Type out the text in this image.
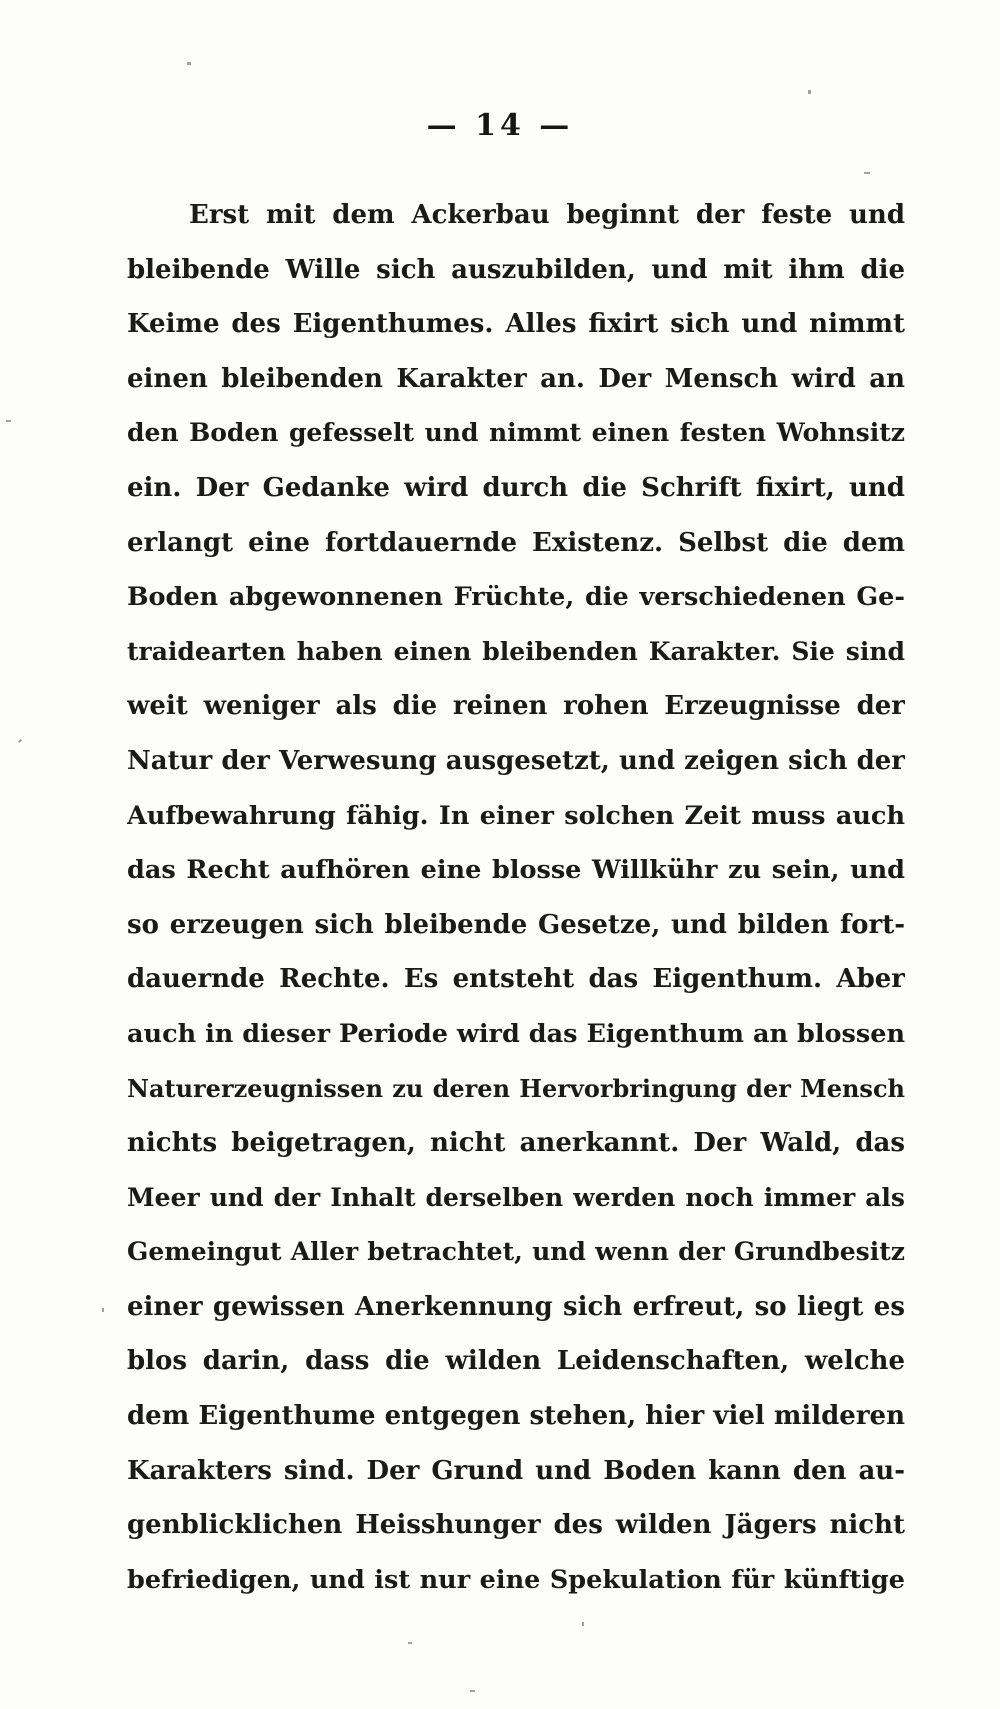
— 14 —
Erst mit dem Ackerbau beginnt der feste und
bleibende Wille sich auszubilden, und mit ihm die
Keime des Eigenthumes. Alles fixirt sich und nimmt
einen bleibenden Karakter an. Der Mensch wird an
den Boden gefesselt und nimmt einen festen Wohnsitz
ein. Der Gedanke wird durch die Schrift fixirt, und
erlangt eine fortdauernde Existenz. Selbst die dem
Boden abgewonnenen Früchte, die verschiedenen Ge-
traidearten haben einen bleibenden Karakter. Sie sind
weit weniger als die reinen rohen Erzeugnisse der
Natur der Verwesung ausgesetzt, und zeigen sich der
Aufbewahrung fähig. In einer solchen Zeit muss auch
das Recht aufhören eine blosse Willkühr zu sein, und
so erzeugen sich bleibende Gesetze, und bilden fort-
dauernde Rechte. Es entsteht das Eigenthum. Aber
auch in dieser Periode wird das Eigenthum an blossen
Naturerzeugnissen zu deren Hervorbringung der Mensch
nichts beigetragen, nicht anerkannt. Der Wald, das
Meer und der Inhalt derselben werden noch immer als
Gemeingut Aller betrachtet, und wenn der Grundbesitz
einer gewissen Anerkennung sich erfreut, so liegt es
blos darin, dass die wilden Leidenschaften, welche
dem Eigenthume entgegen stehen, hier viel milderen
Karakters sind. Der Grund und Boden kann den au-
genblicklichen Heisshunger des wilden Jägers nicht
befriedigen, und ist nur eine Spekulation für künftige
